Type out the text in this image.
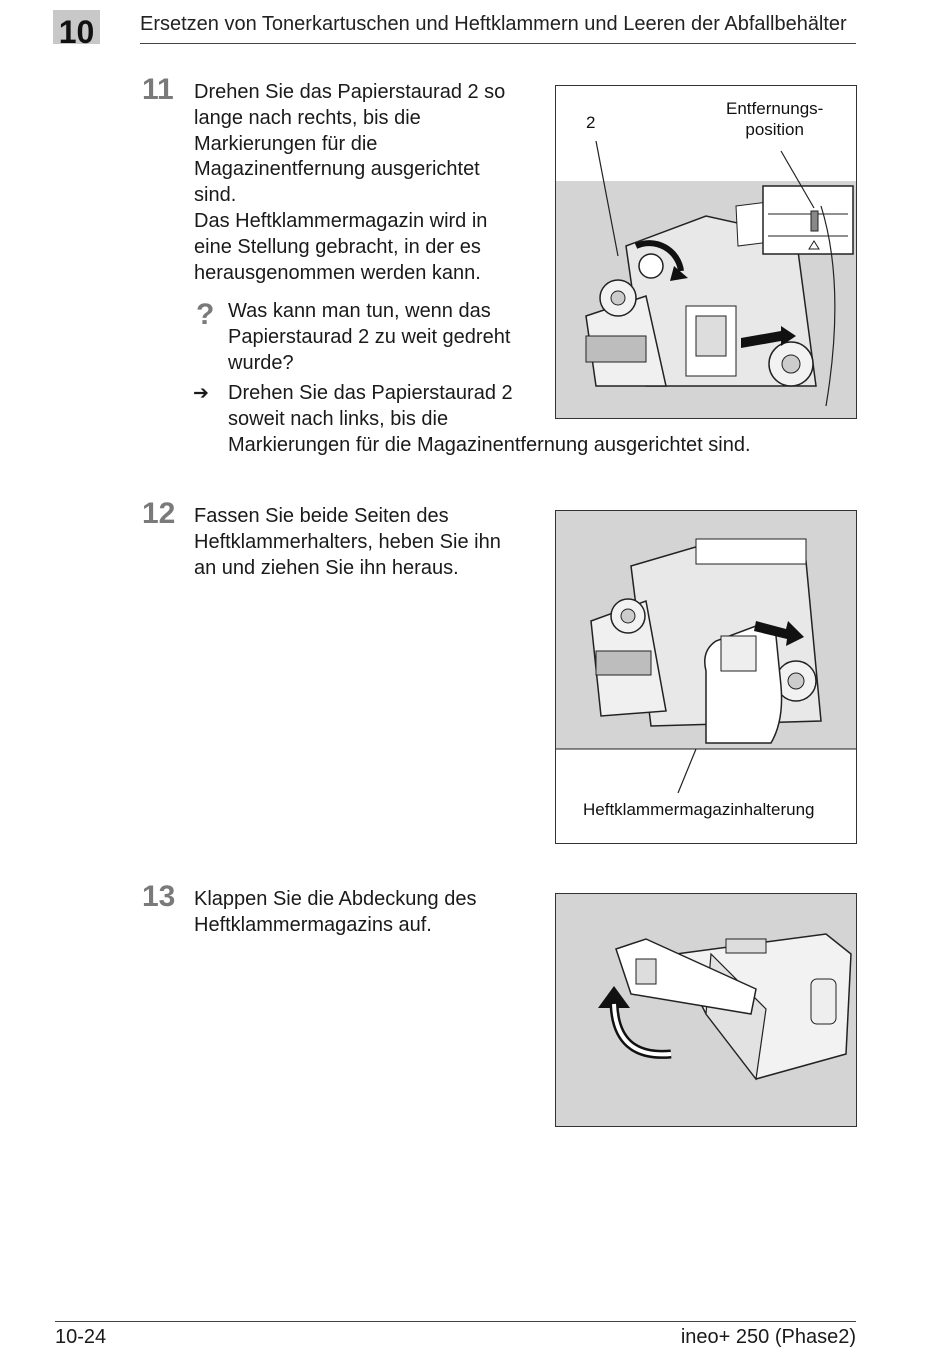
10 Ersetzen von Tonerkartuschen und Heftklammern und Leeren der Abfallbehälter
11 Drehen Sie das Papierstaurad 2 so
lange nach rechts, bis die
Markierungen für die
Magazinentfernung ausgerichtet
sind.
Das Heftklammermagazin wird in
eine Stellung gebracht, in der es
herausgenommen werden kann.
? Was kann man tun, wenn das
Papierstaurad 2 zu weit gedreht
wurde?
➔ Drehen Sie das Papierstaurad 2
soweit nach links, bis die
Markierungen für die Magazinentfernung ausgerichtet sind.
2
Entfernungs-
position
12 Fassen Sie beide Seiten des
Heftklammerhalters, heben Sie ihn
an und ziehen Sie ihn heraus.
Heftklammermagazinhalterung
13 Klappen Sie die Abdeckung des
Heftklammermagazins auf.
10-24	ineo+ 250 (Phase2)
